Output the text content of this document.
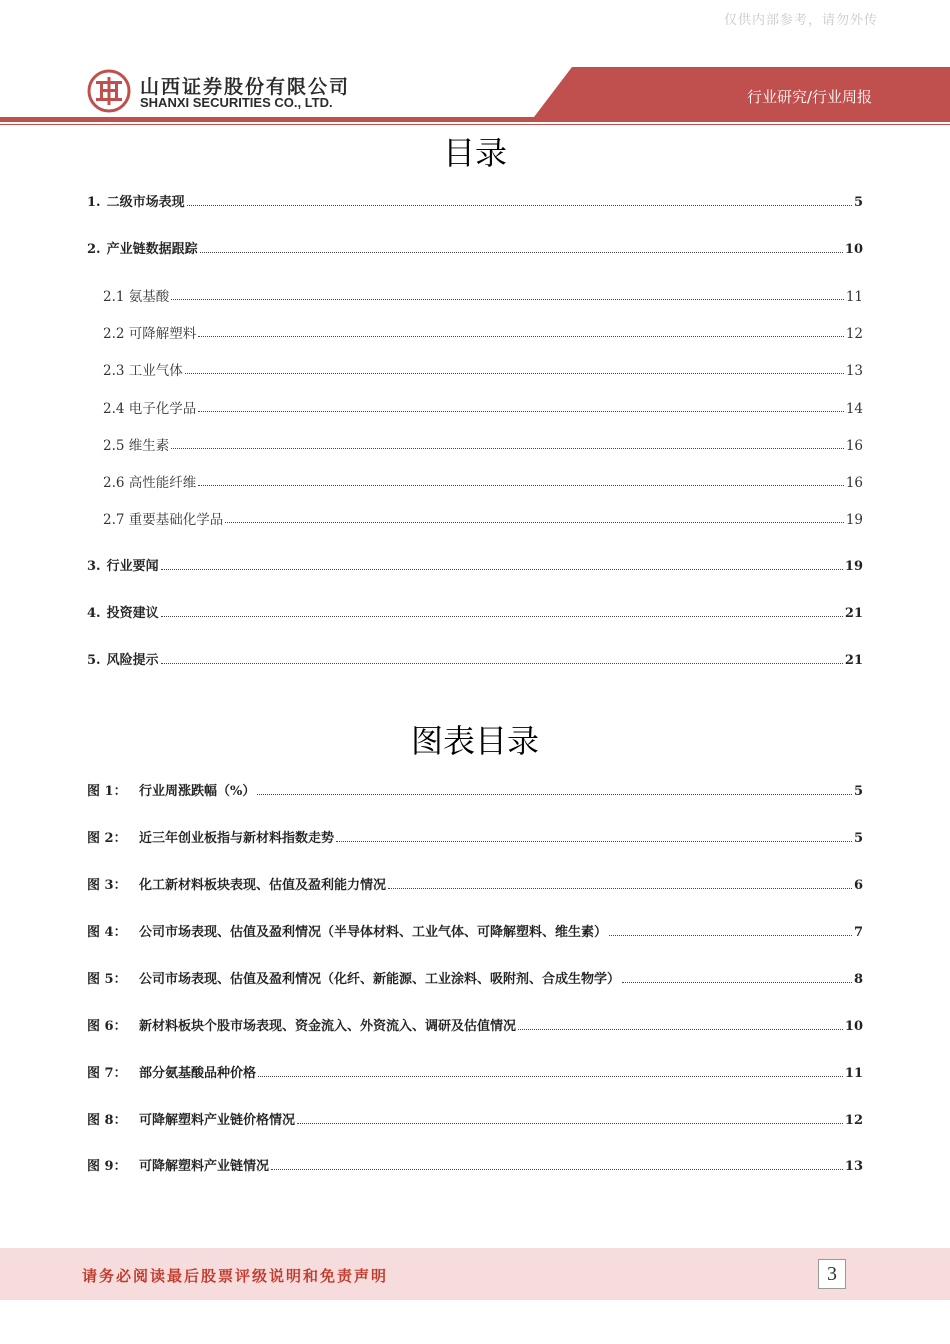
仅供内部参考，请勿外传
山西证券股份有限公司
SHANXI SECURITIES CO., LTD.	行业研究/行业周报
目录
1. 二级市场表现	5
2. 产业链数据跟踪	10
2.1 氨基酸	11
2.2 可降解塑料	12
2.3 工业气体	13
2.4 电子化学品	14
2.5 维生素	16
2.6 高性能纤维	16
2.7 重要基础化学品	19
3. 行业要闻	19
4. 投资建议	21
5. 风险提示	21
图表目录
图 1： 行业周涨跌幅（%）	5
图 2： 近三年创业板指与新材料指数走势	5
图 3： 化工新材料板块表现、估值及盈利能力情况	6
图 4： 公司市场表现、估值及盈利情况（半导体材料、工业气体、可降解塑料、维生素）	7
图 5： 公司市场表现、估值及盈利情况（化纤、新能源、工业涂料、吸附剂、合成生物学）	8
图 6： 新材料板块个股市场表现、资金流入、外资流入、调研及估值情况	10
图 7： 部分氨基酸品种价格	11
图 8： 可降解塑料产业链价格情况	12
图 9： 可降解塑料产业链情况	13
请务必阅读最后股票评级说明和免责声明	3
